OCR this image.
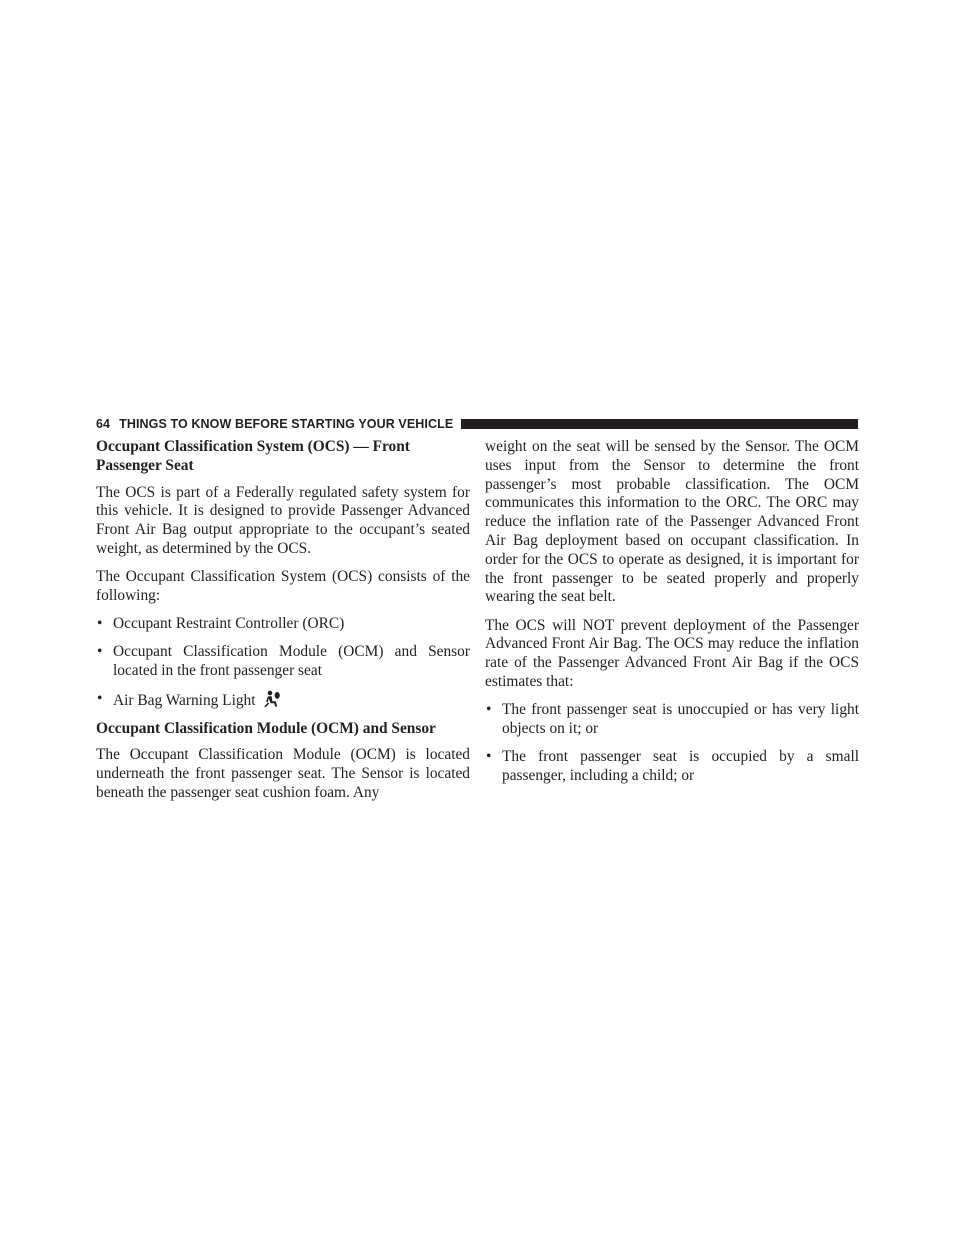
64 THINGS TO KNOW BEFORE STARTING YOUR VEHICLE
Occupant Classification System (OCS) — Front Passenger Seat

The OCS is part of a Federally regulated safety system for this vehicle. It is designed to provide Passenger Advanced Front Air Bag output appropriate to the occupant’s seated weight, as determined by the OCS.

The Occupant Classification System (OCS) consists of the following:

• Occupant Restraint Controller (ORC)
• Occupant Classification Module (OCM) and Sensor located in the front passenger seat
• Air Bag Warning Light
Occupant Classification Module (OCM) and Sensor

The Occupant Classification Module (OCM) is located underneath the front passenger seat. The Sensor is located beneath the passenger seat cushion foam. Any

weight on the seat will be sensed by the Sensor. The OCM uses input from the Sensor to determine the front passenger’s most probable classification. The OCM communicates this information to the ORC. The ORC may reduce the inflation rate of the Passenger Advanced Front Air Bag deployment based on occupant classification. In order for the OCS to operate as designed, it is important for the front passenger to be seated properly and properly wearing the seat belt.

The OCS will NOT prevent deployment of the Passenger Advanced Front Air Bag. The OCS may reduce the inflation rate of the Passenger Advanced Front Air Bag if the OCS estimates that:

• The front passenger seat is unoccupied or has very light objects on it; or
• The front passenger seat is occupied by a small passenger, including a child; or
